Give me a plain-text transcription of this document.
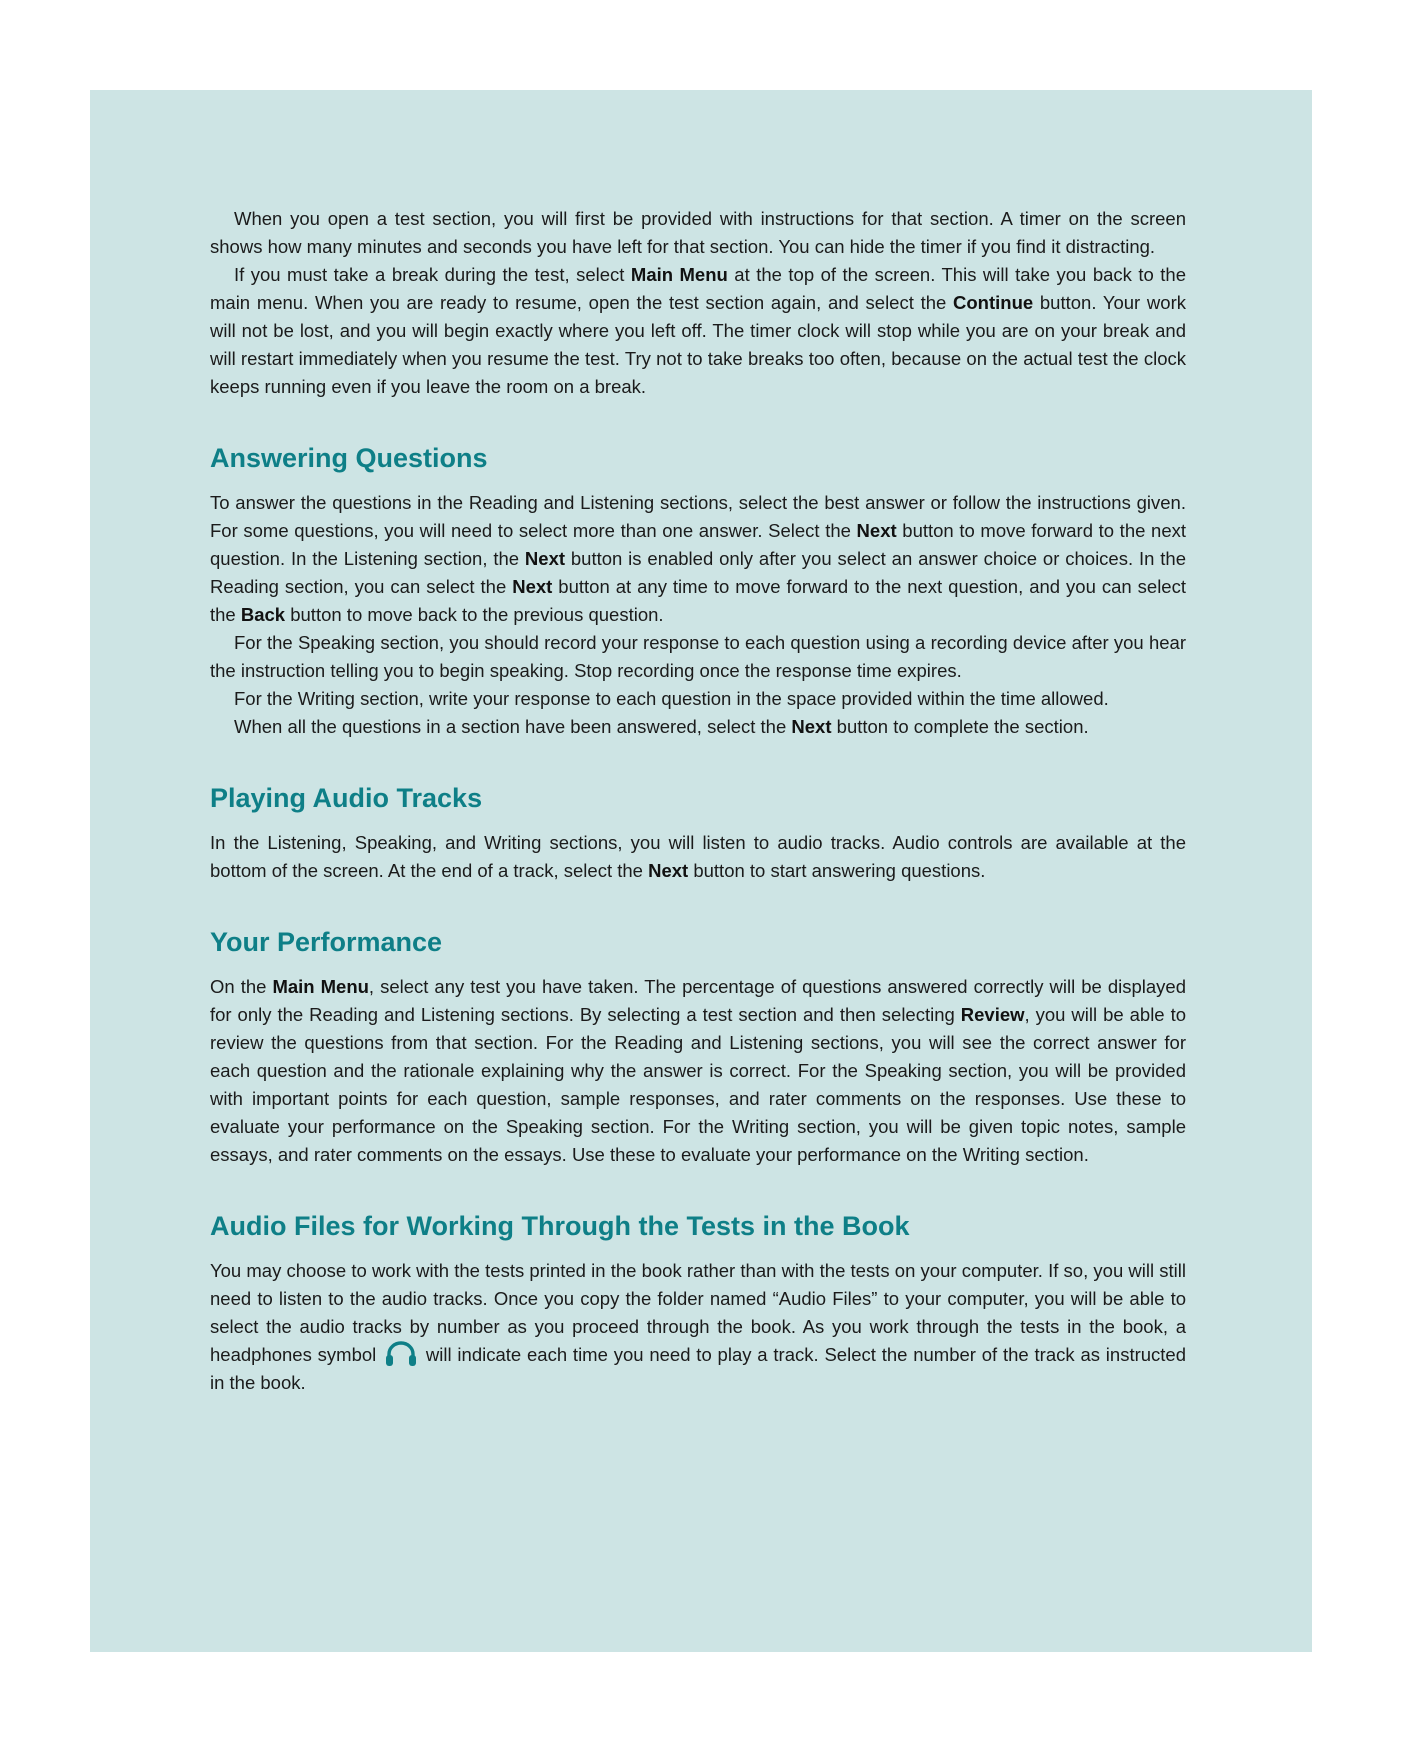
When you open a test section, you will first be provided with instructions for that section. A timer on the screen shows how many minutes and seconds you have left for that section. You can hide the timer if you find it distracting.

If you must take a break during the test, select Main Menu at the top of the screen. This will take you back to the main menu. When you are ready to resume, open the test section again, and select the Continue button. Your work will not be lost, and you will begin exactly where you left off. The timer clock will stop while you are on your break and will restart immediately when you resume the test. Try not to take breaks too often, because on the actual test the clock keeps running even if you leave the room on a break.

Answering Questions

To answer the questions in the Reading and Listening sections, select the best answer or follow the instructions given. For some questions, you will need to select more than one answer. Select the Next button to move forward to the next question. In the Listening section, the Next button is enabled only after you select an answer choice or choices. In the Reading section, you can select the Next button at any time to move forward to the next question, and you can select the Back button to move back to the previous question.

For the Speaking section, you should record your response to each question using a recording device after you hear the instruction telling you to begin speaking. Stop recording once the response time expires.

For the Writing section, write your response to each question in the space provided within the time allowed.

When all the questions in a section have been answered, select the Next button to complete the section.

Playing Audio Tracks

In the Listening, Speaking, and Writing sections, you will listen to audio tracks. Audio controls are available at the bottom of the screen. At the end of a track, select the Next button to start answering questions.

Your Performance

On the Main Menu, select any test you have taken. The percentage of questions answered correctly will be displayed for only the Reading and Listening sections. By selecting a test section and then selecting Review, you will be able to review the questions from that section. For the Reading and Listening sections, you will see the correct answer for each question and the rationale explaining why the answer is correct. For the Speaking section, you will be provided with important points for each question, sample responses, and rater comments on the responses. Use these to evaluate your performance on the Speaking section. For the Writing section, you will be given topic notes, sample essays, and rater comments on the essays. Use these to evaluate your performance on the Writing section.

Audio Files for Working Through the Tests in the Book

You may choose to work with the tests printed in the book rather than with the tests on your computer. If so, you will still need to listen to the audio tracks. Once you copy the folder named “Audio Files” to your computer, you will be able to select the audio tracks by number as you proceed through the book. As you work through the tests in the book, a headphones symbol  will indicate each time you need to play a track. Select the number of the track as instructed in the book.
